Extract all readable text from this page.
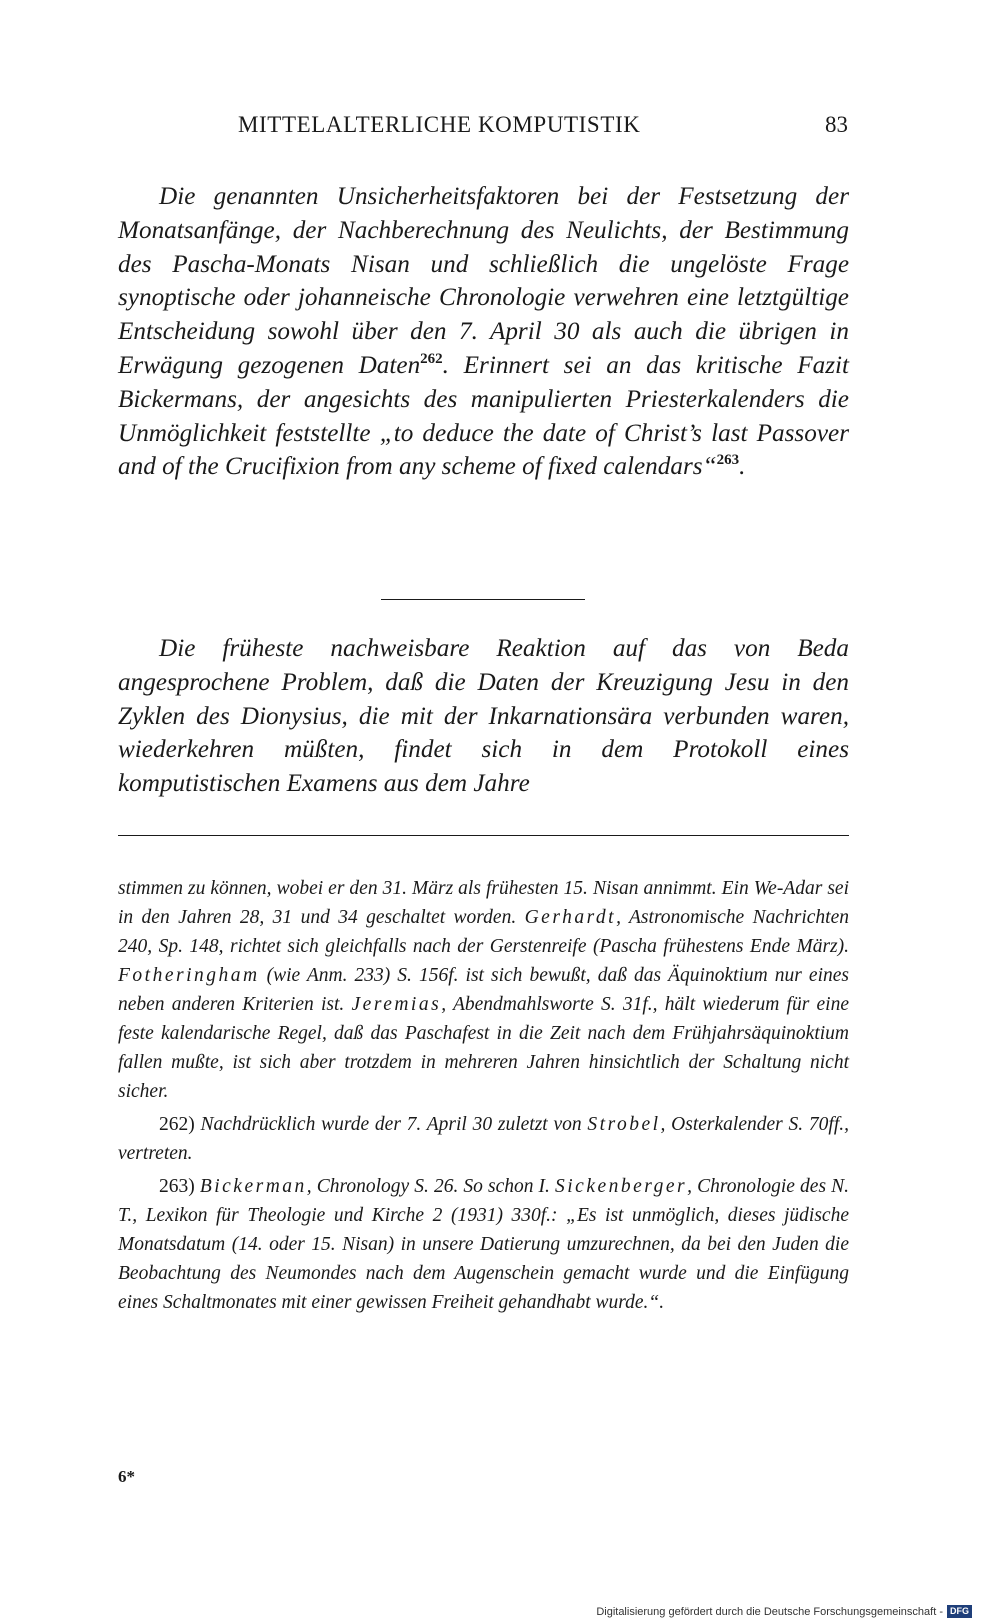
MITTELALTERLICHE KOMPUTISTIK	83

Die genannten Unsicherheitsfaktoren bei der Festsetzung der Monatsanfänge, der Nachberechnung des Neulichts, der Bestimmung des Pascha-Monats Nisan und schließlich die ungelöste Frage synoptische oder johanneische Chronologie verwehren eine letztgültige Entscheidung sowohl über den 7. April 30 als auch die übrigen in Erwägung gezogenen Daten$^{262}$. Erinnert sei an das kritische Fazit Bickermans, der angesichts des manipulierten Priesterkalenders die Unmöglichkeit feststellte „to deduce the date of Christ’s last Passover and of the Crucifixion from any scheme of fixed calendars“$^{263}$.

Die früheste nachweisbare Reaktion auf das von Beda angesprochene Problem, daß die Daten der Kreuzigung Jesu in den Zyklen des Dionysius, die mit der Inkarnationsära verbunden waren, wiederkehren müßten, findet sich in dem Protokoll eines komputistischen Examens aus dem Jahre

stimmen zu können, wobei er den 31. März als frühesten 15. Nisan annimmt. Ein We-Adar sei in den Jahren 28, 31 und 34 geschaltet worden. Gerhardt, Astronomische Nachrichten 240, Sp. 148, richtet sich gleichfalls nach der Gerstenreife (Pascha frühestens Ende März). Fotheringham (wie Anm. 233) S. 156f. ist sich bewußt, daß das Äquinoktium nur eines neben anderen Kriterien ist. Jeremias, Abendmahlsworte S. 31f., hält wiederum für eine feste kalendarische Regel, daß das Paschafest in die Zeit nach dem Frühjahrsäquinoktium fallen mußte, ist sich aber trotzdem in mehreren Jahren hinsichtlich der Schaltung nicht sicher.

262) Nachdrücklich wurde der 7. April 30 zuletzt von Strobel, Osterkalender S. 70ff., vertreten.

263) Bickerman, Chronology S. 26. So schon I. Sickenberger, Chronologie des N. T., Lexikon für Theologie und Kirche 2 (1931) 330f.: „Es ist unmöglich, dieses jüdische Monatsdatum (14. oder 15. Nisan) in unsere Datierung umzurechnen, da bei den Juden die Beobachtung des Neumondes nach dem Augenschein gemacht wurde und die Einfügung eines Schaltmonates mit einer gewissen Freiheit gehandhabt wurde.“.

6*
Digitalisierung gefördert durch die Deutsche Forschungsgemeinschaft - DFG
